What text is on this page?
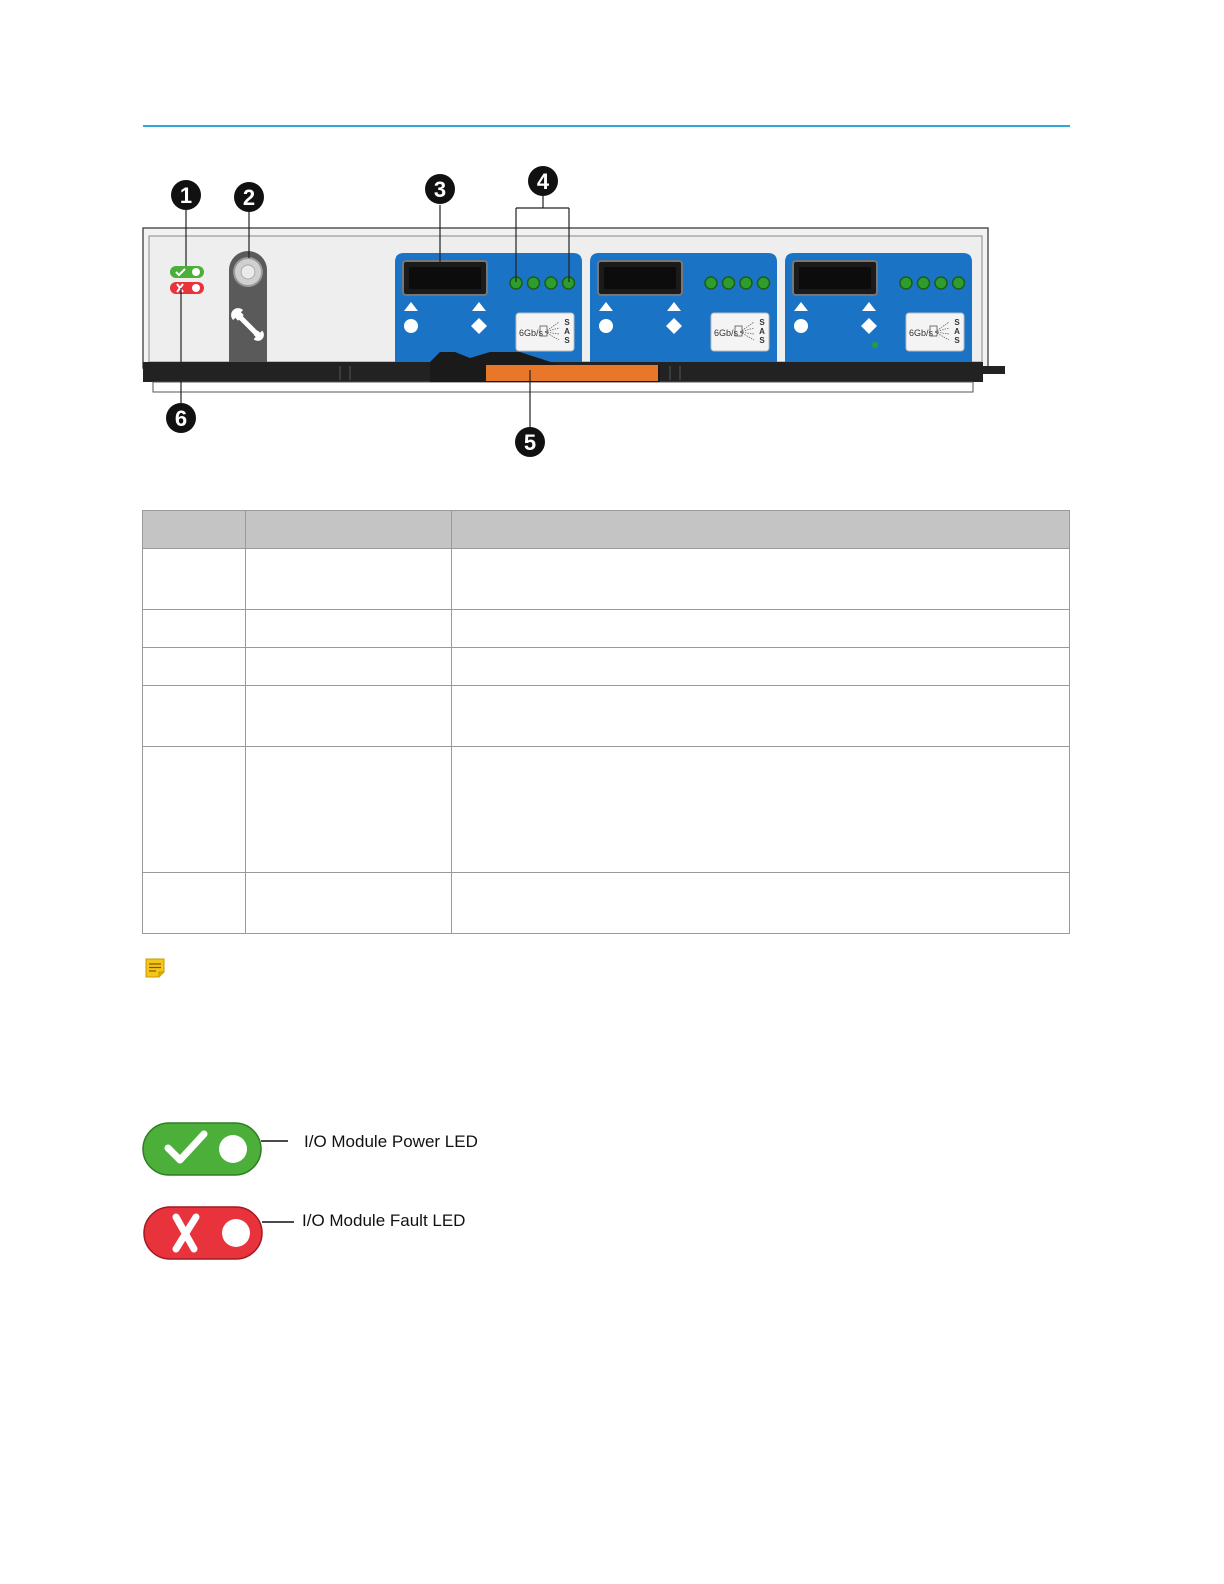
6Gb/s
S
A
S
6Gb/s
S
A
S
6Gb/s
S
A
S
1 2	3	4
5
6

I/O Module Power LED
I/O Module Fault LED
